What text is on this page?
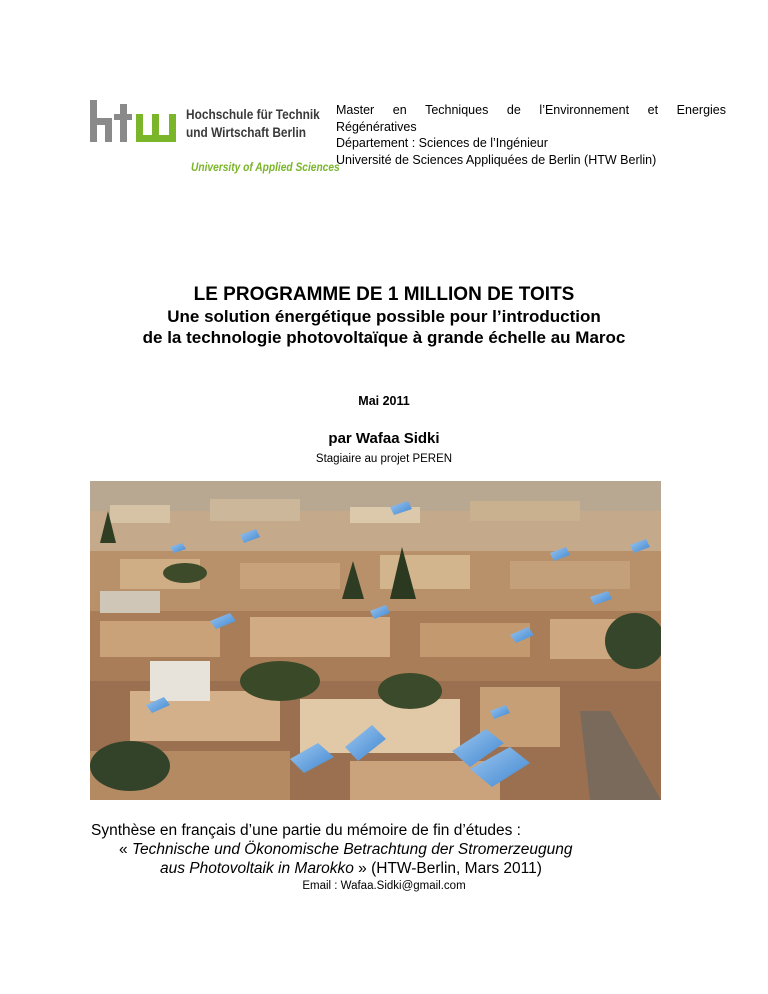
Hochschule für Technik
und Wirtschaft Berlin
University of Applied Sciences
Master en Techniques de l’Environnement et Energies
Régénératives
Département : Sciences de l’Ingénieur
Université de Sciences Appliquées de Berlin (HTW Berlin)
LE PROGRAMME DE 1 MILLION DE TOITS
Une solution énergétique possible pour l’introduction
de la technologie photovoltaïque à grande échelle au Maroc
Mai 2011
par Wafaa Sidki
Stagiaire au projet PEREN
Synthèse en français d’une partie du mémoire de fin d’études :
« Technische und Ökonomische Betrachtung der Stromerzeugung
aus Photovoltaik in Marokko » (HTW-Berlin, Mars 2011)
Email : Wafaa.Sidki@gmail.com
